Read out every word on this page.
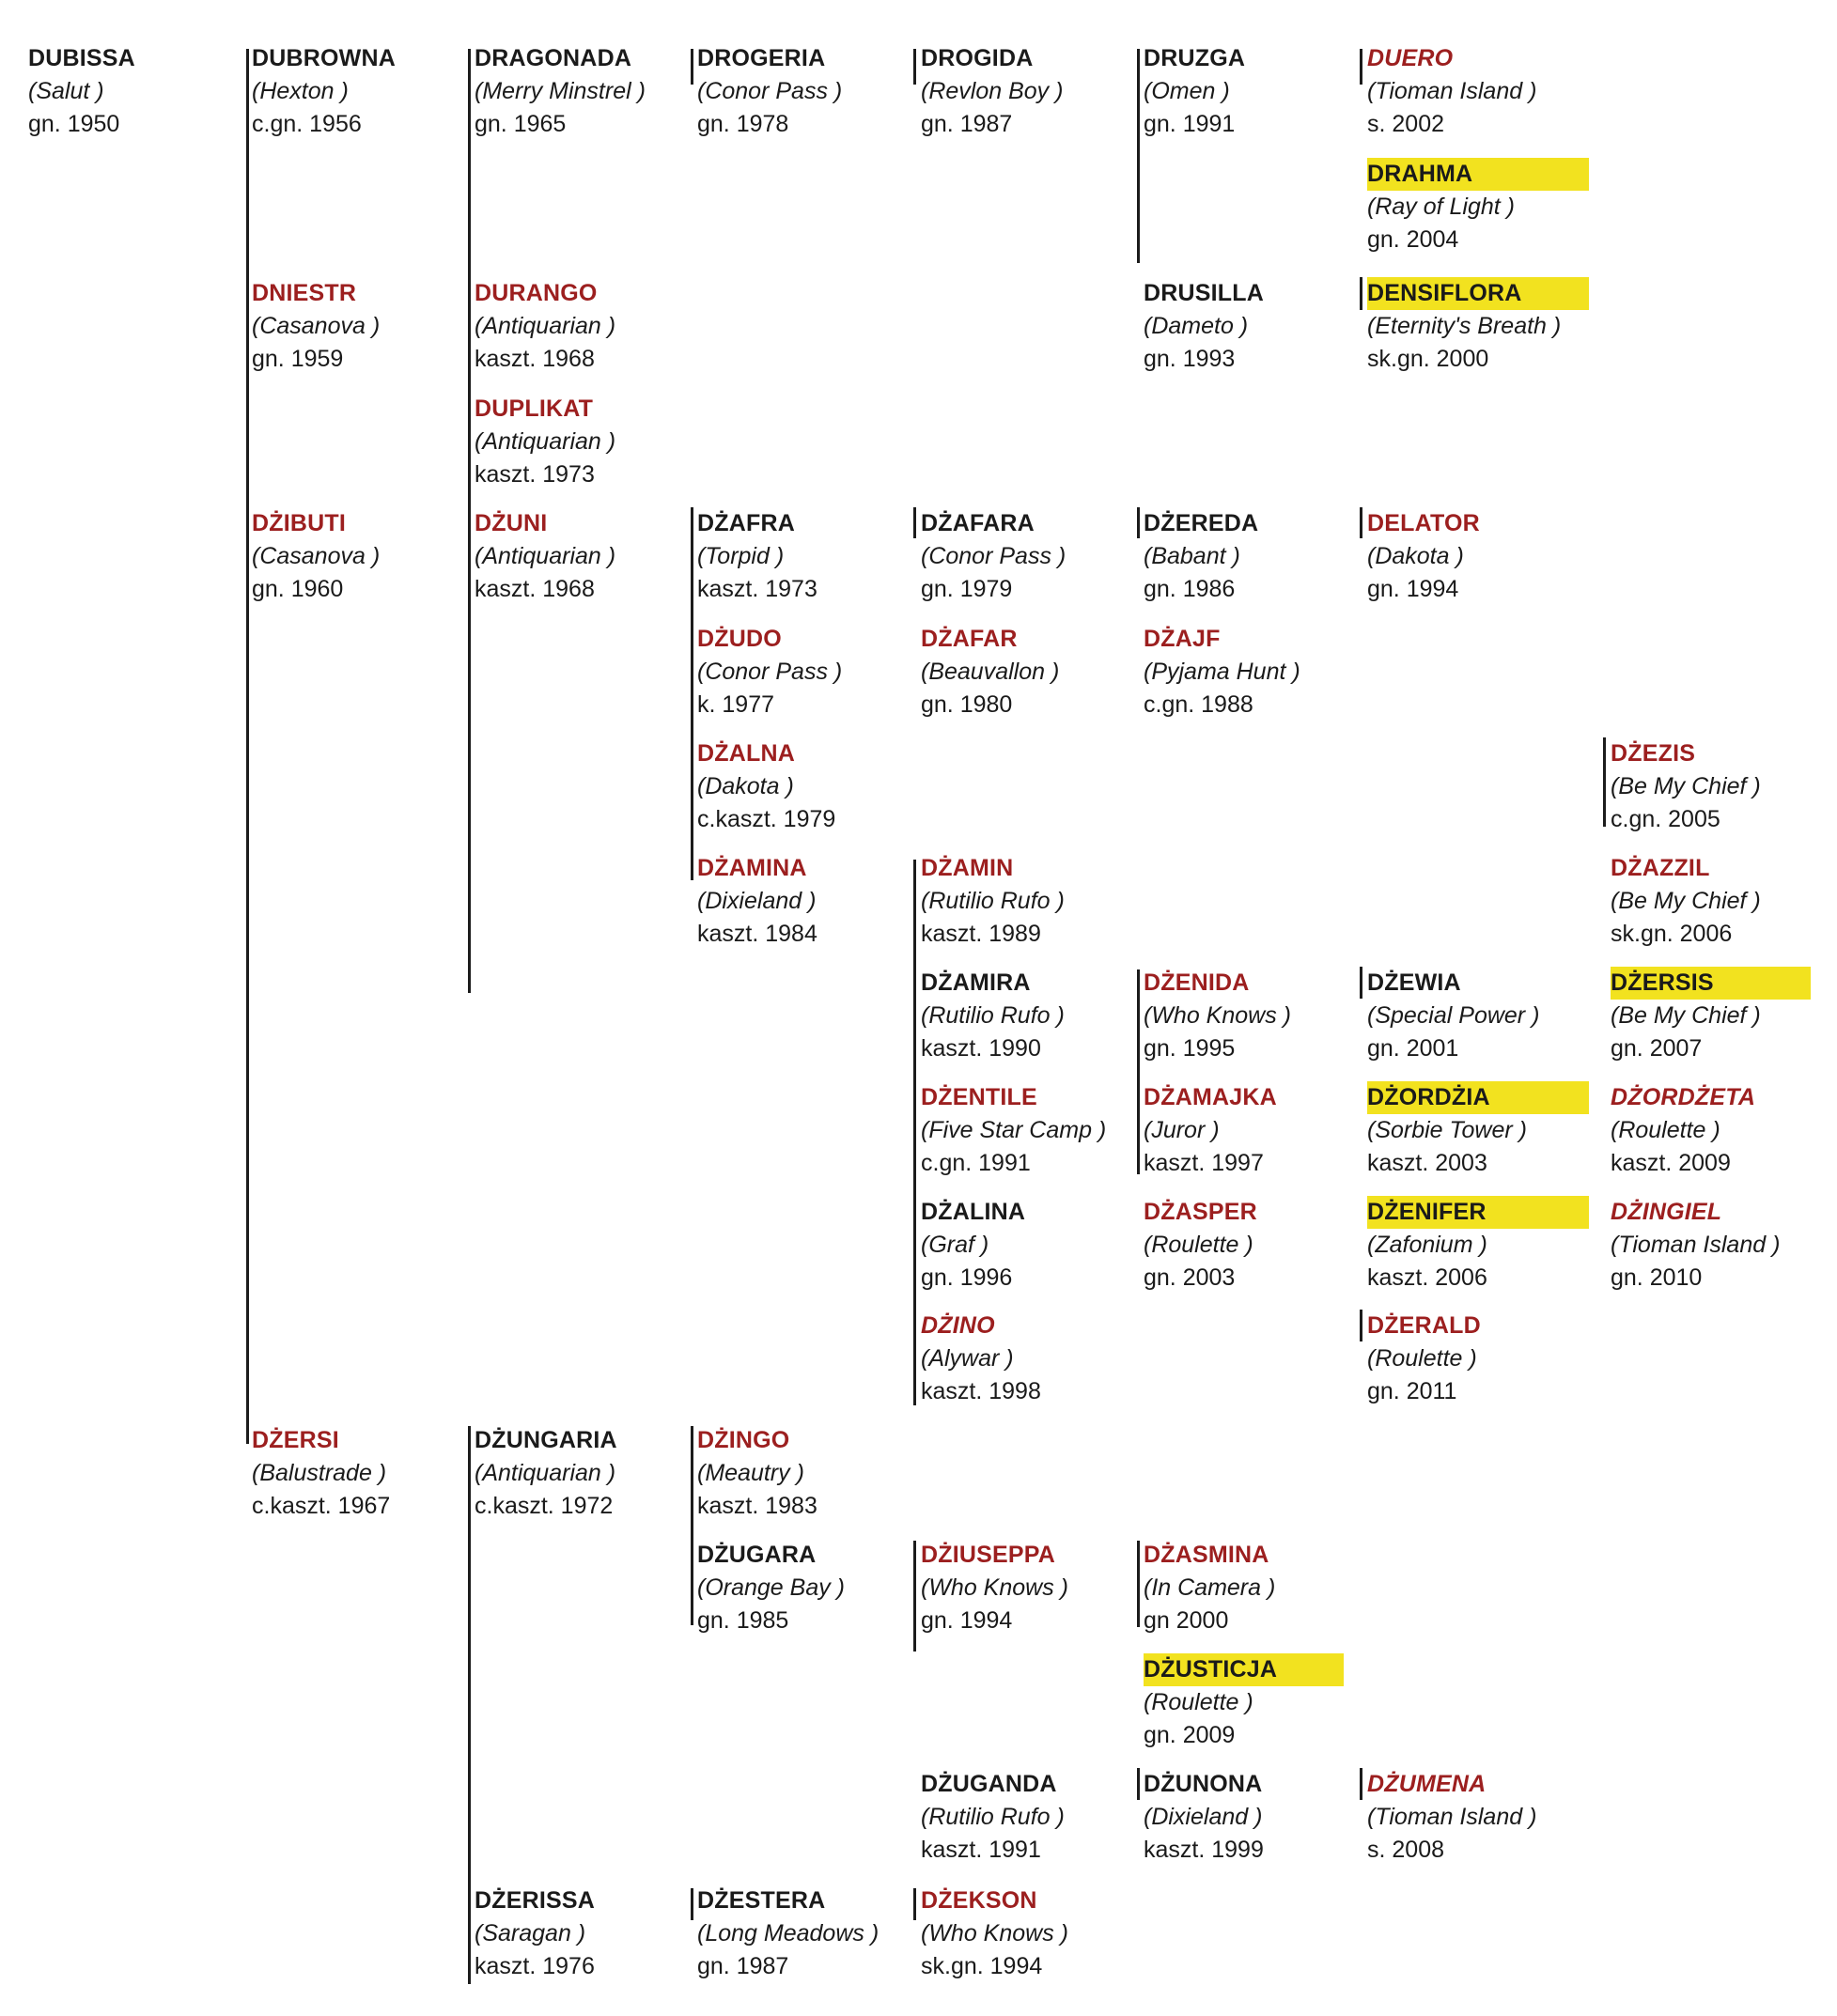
DUBISSA
(Salut )
gn. 1950
DUBROWNA
(Hexton )
c.gn. 1956
DNIESTR
(Casanova )
gn. 1959
DŻIBUTI
(Casanova )
gn. 1960
DŻERSI
(Balustrade )
c.kaszt. 1967
DRAGONADA
(Merry Minstrel )
gn. 1965
DURANGO
(Antiquarian )
kaszt. 1968
DUPLIKAT
(Antiquarian )
kaszt. 1973
DŻUNI
(Antiquarian )
kaszt. 1968
DŻUNGARIA
(Antiquarian )
c.kaszt. 1972
DŻERISSA
(Saragan )
kaszt. 1976
DROGERIA
(Conor Pass )
gn. 1978
DŻAFRA
(Torpid )
kaszt. 1973
DŻUDO
(Conor Pass )
k. 1977
DŻALNA
(Dakota )
c.kaszt. 1979
DŻAMINA
(Dixieland )
kaszt. 1984
DŻINGO
(Meautry )
kaszt. 1983
DŻUGARA
(Orange Bay )
gn. 1985
DŻESTERA
(Long Meadows )
gn. 1987
DROGIDA
(Revlon Boy )
gn. 1987
DŻAFARA
(Conor Pass )
gn. 1979
DŻAFAR
(Beauvallon )
gn. 1980
DŻAMIN
(Rutilio Rufo )
kaszt. 1989
DŻAMIRA
(Rutilio Rufo )
kaszt. 1990
DŻENTILE
(Five Star Camp )
c.gn. 1991
DŻALINA
(Graf )
gn. 1996
DŻINO
(Alywar )
kaszt. 1998
DŻIUSEPPA
(Who Knows )
gn. 1994
DŻUGANDA
(Rutilio Rufo )
kaszt. 1991
DŻEKSON
(Who Knows )
sk.gn. 1994
DRUZGA
(Omen )
gn. 1991
DRUSILLA
(Dameto )
gn. 1993
DŻEREDA
(Babant )
gn. 1986
DŻAJF
(Pyjama Hunt )
c.gn. 1988
DŻENIDA
(Who Knows )
gn. 1995
DŻAMAJKA
(Juror )
kaszt. 1997
DŻASPER
(Roulette )
gn. 2003
DŻASMINA
(In Camera )
gn 2000
DŻUSTICJA
(Roulette )
gn. 2009
DŻUNONA
(Dixieland )
kaszt. 1999
DUERO
(Tioman Island )
s. 2002
DRAHMA
(Ray of Light )
gn. 2004
DENSIFLORA
(Eternity's Breath )
sk.gn. 2000
DELATOR
(Dakota )
gn. 1994
DŻEWIA
(Special Power )
gn. 2001
DŻORDŻIA
(Sorbie Tower )
kaszt. 2003
DŻENIFER
(Zafonium )
kaszt. 2006
DŻERALD
(Roulette )
gn. 2011
DŻUMENA
(Tioman Island )
s. 2008
DŻEZIS
(Be My Chief )
c.gn. 2005
DŻAZZIL
(Be My Chief )
sk.gn. 2006
DŻERSIS
(Be My Chief )
gn. 2007
DŻORDŻETA
(Roulette )
kaszt. 2009
DŻINGIEL
(Tioman Island )
gn. 2010
